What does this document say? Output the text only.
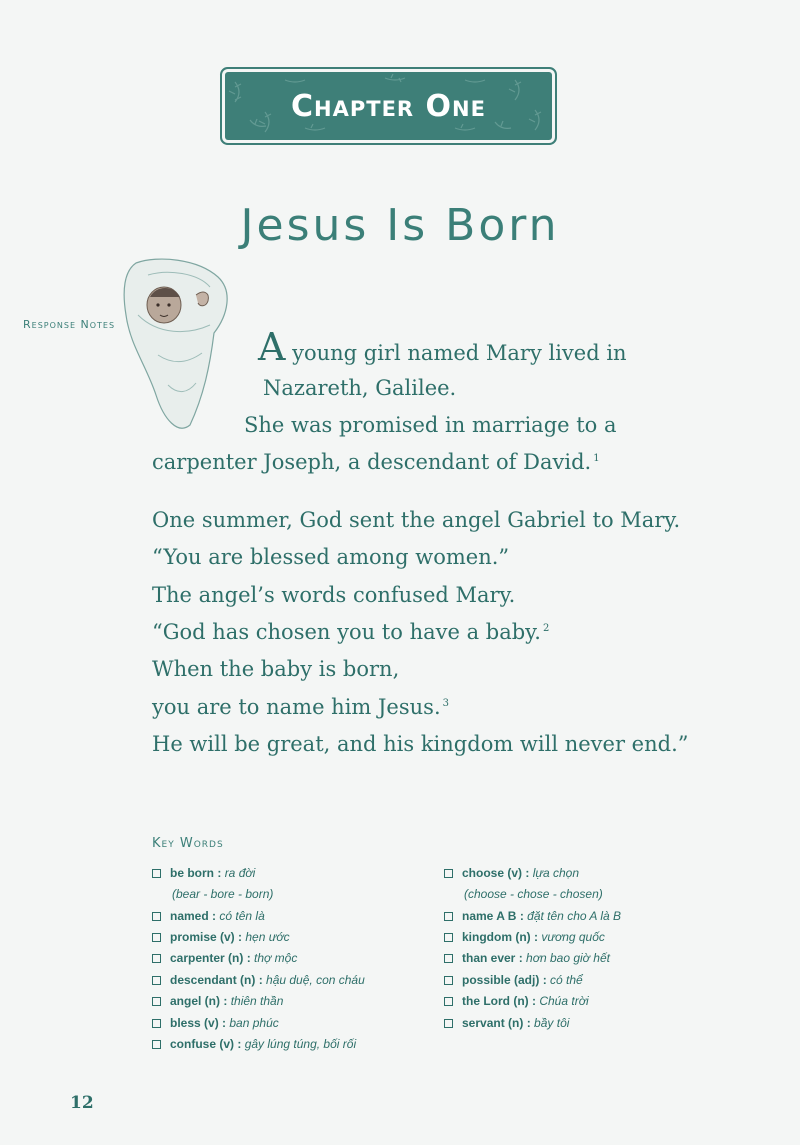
Chapter One
Jesus Is Born
Response Notes
A young girl named Mary lived in
Nazareth, Galilee.
She was promised in marriage to a
carpenter Joseph, a descendant of David. $^1$
One summer, God sent the angel Gabriel to Mary.
“You are blessed among women.”
The angel’s words confused Mary.
“God has chosen you to have a baby. $^2$
When the baby is born,
you are to name him Jesus. $^3$
He will be great, and his kingdom will never end.”
Key Words
be born
:
ra đời
(bear - bore - born)
named
:
có tên là
promise (v)
:
hẹn ước
carpenter (n)
:
thợ mộc
descendant (n)
:
hậu duệ, con cháu
angel (n)
:
thiên thần
bless (v)
:
ban phúc
confuse (v)
:
gây lúng túng, bối rối
choose (v)
:
lựa chọn
(choose - chose - chosen)
name A B
:
đặt tên cho A là B
kingdom (n)
:
vương quốc
than ever
:
hơn bao giờ hết
possible (adj)
:
có thể
the Lord (n)
:
Chúa trời
servant (n)
:
bầy tôi
12
